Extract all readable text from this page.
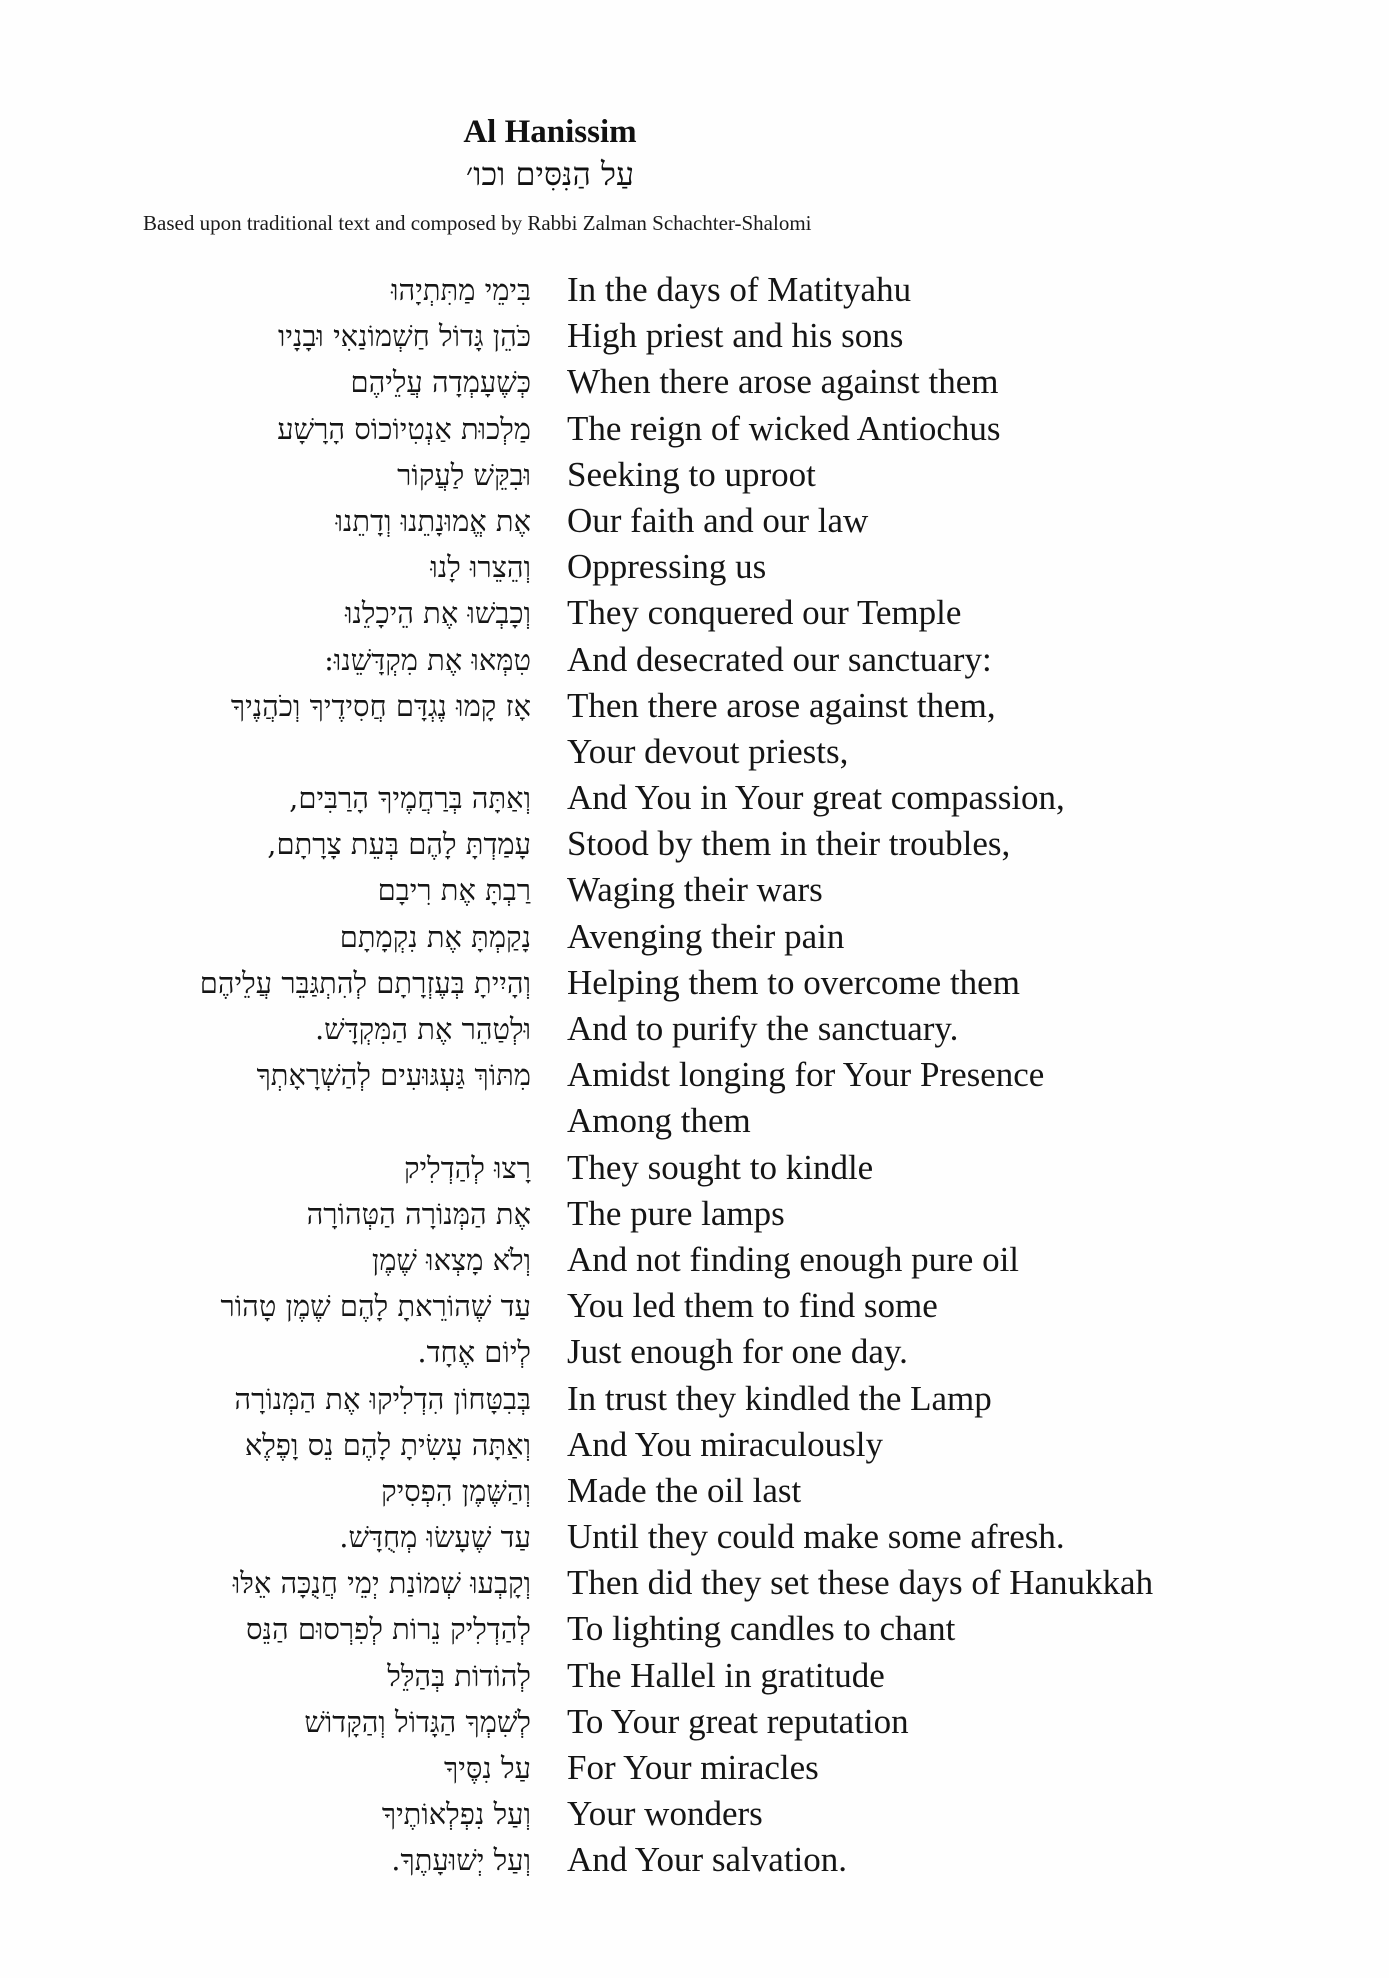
Al Hanissim
עַל הַנִּסִּים וכו׳
Based upon traditional text and composed by Rabbi Zalman Schachter-Shalomi
בִּימֵי מַתִּתְיָהוּ In the days of Matityahu
כֹּהֵן גָּדוֹל חַשְׁמוֹנַאִי וּבָנָיו High priest and his sons
כְּשֶׁעָמְדָה עֲלֵיהֶם When there arose against them
מַלְכוּת אַנְטִיוֹכוֹס הָרָשָׁע The reign of wicked Antiochus
וּבִקֵּשׁ לַעֲקוֹר Seeking to uproot
אֶת אֱמוּנָתֵנוּ וְדָתֵנוּ Our faith and our law
וְהֵצֵרוּ לָנוּ Oppressing us
וְכָבְשׁוּ אֶת הֵיכָלֵנוּ They conquered our Temple
טִמְּאוּ אֶת מִקְדָּשֵׁנוּ: And desecrated our sanctuary:
אָז קָמוּ נֶגְדָּם חֲסִידֶיךָ וְכֹהֲנֶיךָ Then there arose against them,
Your devout priests,
וְאַתָּה בְּרַחֲמֶיךָ הָרַבִּים, And You in Your great compassion,
עָמַדְתָּ לָהֶם בְּעֵת צָרָתָם, Stood by them in their troubles,
רַבְתָּ אֶת רִיבָם Waging their wars
נָקַמְתָּ אֶת נִקְמָתָם Avenging their pain
וְהָיִיתָ בְּעֶזְרָתָם לְהִתְגַּבֵּר עֲלֵיהֶם Helping them to overcome them
וּלְטַהֵר אֶת הַמִּקְדָּשׁ. And to purify the sanctuary.
מִתּוֹךְ גַּעְגּוּעִים לְהַשְׁרָאָתְךָ Amidst longing for Your Presence
Among them
רָצוּ לְהַדְלִיק They sought to kindle
אֶת הַמְּנוֹרָה הַטְּהוֹרָה The pure lamps
וְלֹא מָצְאוּ שֶׁמֶן And not finding enough pure oil
עַד שֶׁהוֹרֵאתָ לָהֶם שֶׁמֶן טָהוֹר You led them to find some
לְיוֹם אֶחָד. Just enough for one day.
בְּבִטָּחוֹן הִדְלִיקוּ אֶת הַמְּנוֹרָה In trust they kindled the Lamp
וְאַתָּה עָשִׂיתָ לָהֶם נֵס וָפֶלֶא And You miraculously
וְהַשֶּׁמֶן הִפְסִיק Made the oil last
עַד שֶׁעָשׂוּ מְחֻדָּשׁ. Until they could make some afresh.
וְקָבְעוּ שְׁמוֹנַת יְמֵי חֲנֻכָּה אֵלּוּ Then did they set these days of Hanukkah
לְהַדְלִיק נֵרוֹת לְפִרְסוּם הַנֵּס To lighting candles to chant
לְהוֹדוֹת בְּהַלֵּל The Hallel in gratitude
לְשִׁמְךָ הַגָּדוֹל וְהַקָּדוֹשׁ To Your great reputation
עַל נִסֶּיךָ For Your miracles
וְעַל נִפְלְאוֹתֶיךָ Your wonders
וְעַל יְשׁוּעָתֶךָ. And Your salvation.
